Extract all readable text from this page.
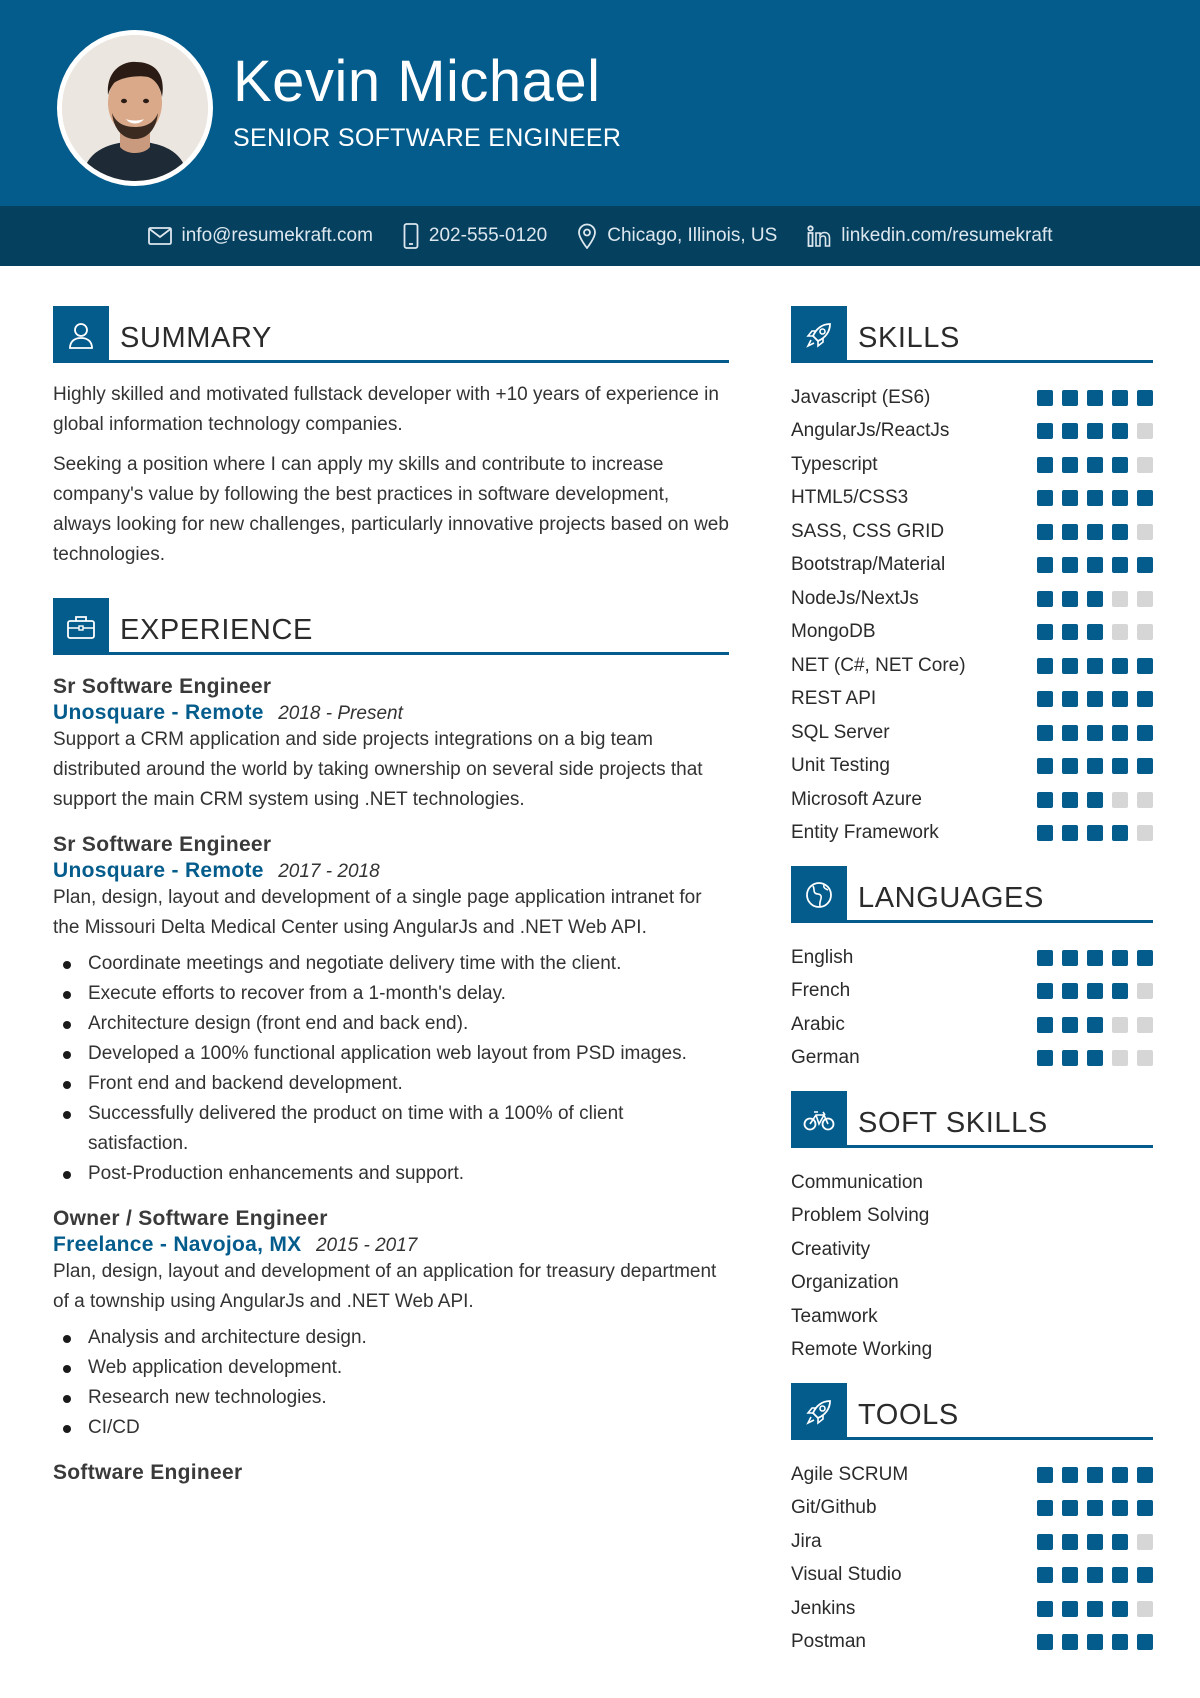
Kevin Michael
SENIOR SOFTWARE ENGINEER
info@resumekraft.com	202-555-0120	Chicago, Illinois, US	linkedin.com/resumekraft
SUMMARY

Highly skilled and motivated fullstack developer with +10 years of experience in global information technology companies.

Seeking a position where I can apply my skills and contribute to increase company's value by following the best practices in software development, always looking for new challenges, particularly innovative projects based on web technologies.

EXPERIENCE
Sr Software Engineer
Unosquare - Remote 2018 - Present

Support a CRM application and side projects integrations on a big team distributed around the world by taking ownership on several side projects that support the main CRM system using .NET technologies.

Sr Software Engineer
Unosquare - Remote 2017 - 2018

Plan, design, layout and development of a single page application intranet for the Missouri Delta Medical Center using AngularJs and .NET Web API.

Coordinate meetings and negotiate delivery time with the client.
Execute efforts to recover from a 1-month's delay.
Architecture design (front end and back end).
Developed a 100% functional application web layout from PSD images.
Front end and backend development.
Successfully delivered the product on time with a 100% of client satisfaction.
Post-Production enhancements and support.
Owner / Software Engineer
Freelance - Navojoa, MX 2015 - 2017

Plan, design, layout and development of an application for treasury department of a township using AngularJs and .NET Web API.

Analysis and architecture design.
Web application development.
Research new technologies.
CI/CD
Software Engineer
SKILLS
Javascript (ES6)
AngularJs/ReactJs
Typescript
HTML5/CSS3
SASS, CSS GRID
Bootstrap/Material
NodeJs/NextJs
MongoDB
NET (C#, NET Core)
REST API
SQL Server
Unit Testing
Microsoft Azure
Entity Framework
LANGUAGES
English
French
Arabic
German
SOFT SKILLS
Communication
Problem Solving
Creativity
Organization
Teamwork
Remote Working
TOOLS
Agile SCRUM
Git/Github
Jira
Visual Studio
Jenkins
Postman
